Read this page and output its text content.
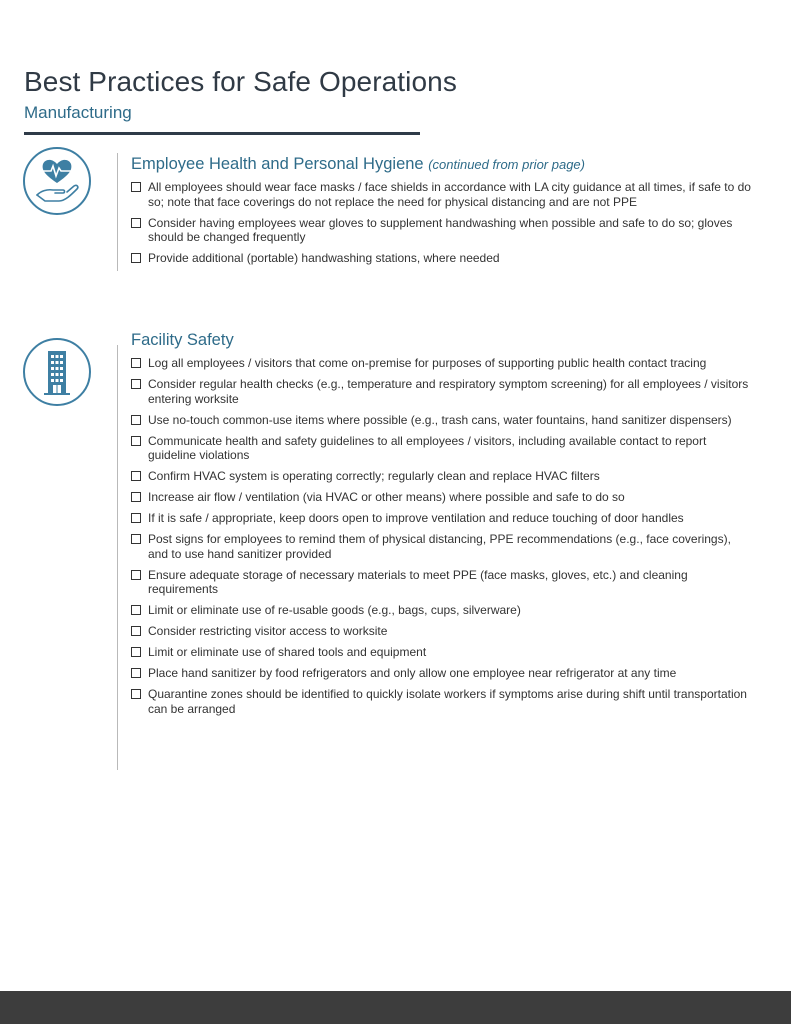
Best Practices for Safe Operations
Manufacturing
Employee Health and Personal Hygiene (continued from prior page)
All employees should wear face masks / face shields in accordance with LA city guidance at all times, if safe to do so; note that face coverings do not replace the need for physical distancing and are not PPE
Consider having employees wear gloves to supplement handwashing when possible and safe to do so; gloves should be changed frequently
Provide additional (portable) handwashing stations, where needed
Facility Safety
Log all employees / visitors that come on-premise for purposes of supporting public health contact tracing
Consider regular health checks (e.g., temperature and respiratory symptom screening) for all employees / visitors entering worksite
Use no-touch common-use items where possible (e.g., trash cans, water fountains, hand sanitizer dispensers)
Communicate health and safety guidelines to all employees / visitors, including available contact to report guideline violations
Confirm HVAC system is operating correctly; regularly clean and replace HVAC filters
Increase air flow / ventilation (via HVAC or other means) where possible and safe to do so
If it is safe / appropriate, keep doors open to improve ventilation and reduce touching of door handles
Post signs for employees to remind them of physical distancing, PPE recommendations (e.g., face coverings), and to use hand sanitizer provided
Ensure adequate storage of necessary materials to meet PPE (face masks, gloves, etc.) and cleaning requirements
Limit or eliminate use of re-usable goods (e.g., bags, cups, silverware)
Consider restricting visitor access to worksite
Limit or eliminate use of shared tools and equipment
Place hand sanitizer by food refrigerators and only allow one employee near refrigerator at any time
Quarantine zones should be identified to quickly isolate workers if symptoms arise during shift until transportation can be arranged
